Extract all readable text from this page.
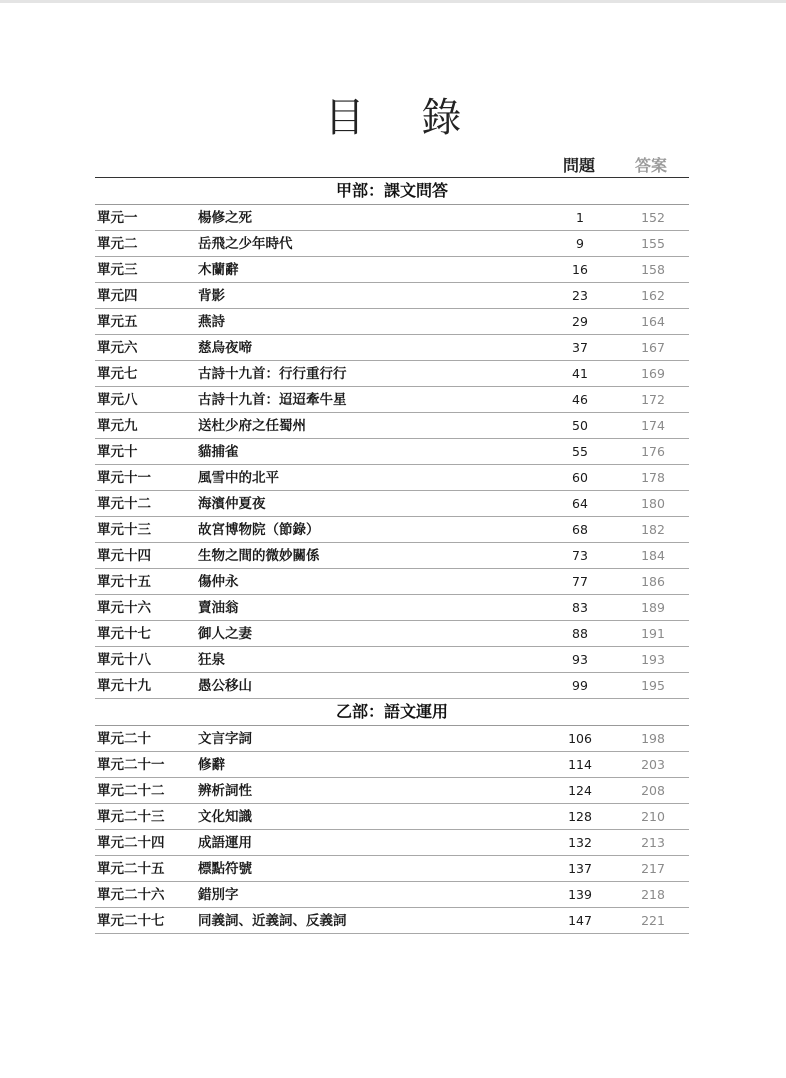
目 錄
問題 答案
甲部：課文問答
單元一	楊修之死	1	152
單元二	岳飛之少年時代	9	155
單元三	木蘭辭	16	158
單元四	背影	23	162
單元五	燕詩	29	164
單元六	慈烏夜啼	37	167
單元七	古詩十九首：行行重行行	41	169
單元八	古詩十九首：迢迢牽牛星	46	172
單元九	送杜少府之任蜀州	50	174
單元十	貓捕雀	55	176
單元十一	風雪中的北平	60	178
單元十二	海濱仲夏夜	64	180
單元十三	故宮博物院（節錄）	68	182
單元十四	生物之間的微妙關係	73	184
單元十五	傷仲永	77	186
單元十六	賣油翁	83	189
單元十七	御人之妻	88	191
單元十八	狂泉	93	193
單元十九	愚公移山	99	195
乙部：語文運用
單元二十	文言字詞	106	198
單元二十一 修辭	114	203
單元二十二 辨析詞性	124	208
單元二十三 文化知識	128	210
單元二十四 成語運用	132	213
單元二十五 標點符號	137	217
單元二十六 錯別字	139	218
單元二十七 同義詞、近義詞、反義詞	147	221
